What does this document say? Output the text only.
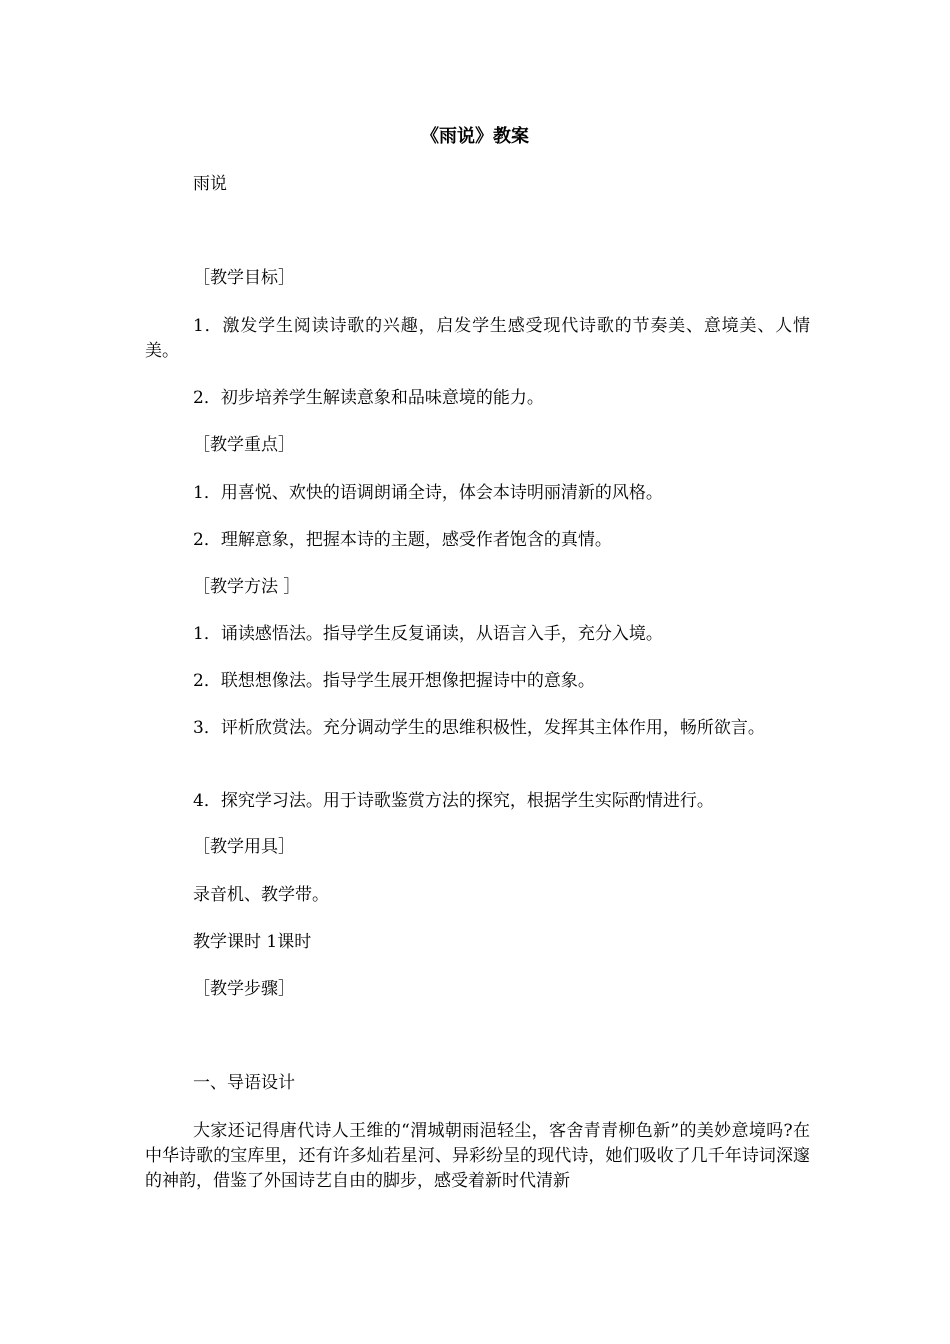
《雨说》教案
雨说
［教学目标］
1．激发学生阅读诗歌的兴趣，启发学生感受现代诗歌的节奏美、意境美、人情美。
2．初步培养学生解读意象和品味意境的能力。
［教学重点］
1．用喜悦、欢快的语调朗诵全诗，体会本诗明丽清新的风格。
2．理解意象，把握本诗的主题，感受作者饱含的真情。
［教学方法 ］
1．诵读感悟法。指导学生反复诵读，从语言入手，充分入境。
2．联想想像法。指导学生展开想像把握诗中的意象。
3．评析欣赏法。充分调动学生的思维积极性，发挥其主体作用，畅所欲言。
4．探究学习法。用于诗歌鉴赏方法的探究，根据学生实际酌情进行。
［教学用具］
录音机、教学带。
教学课时 1课时
［教学步骤］
一、导语设计
大家还记得唐代诗人王维的“渭城朝雨浥轻尘，客舍青青柳色新”的美妙意境吗?在中华诗歌的宝库里，还有许多灿若星河、异彩纷呈的现代诗，她们吸收了几千年诗词深邃的神韵，借鉴了外国诗艺自由的脚步，感受着新时代清新
